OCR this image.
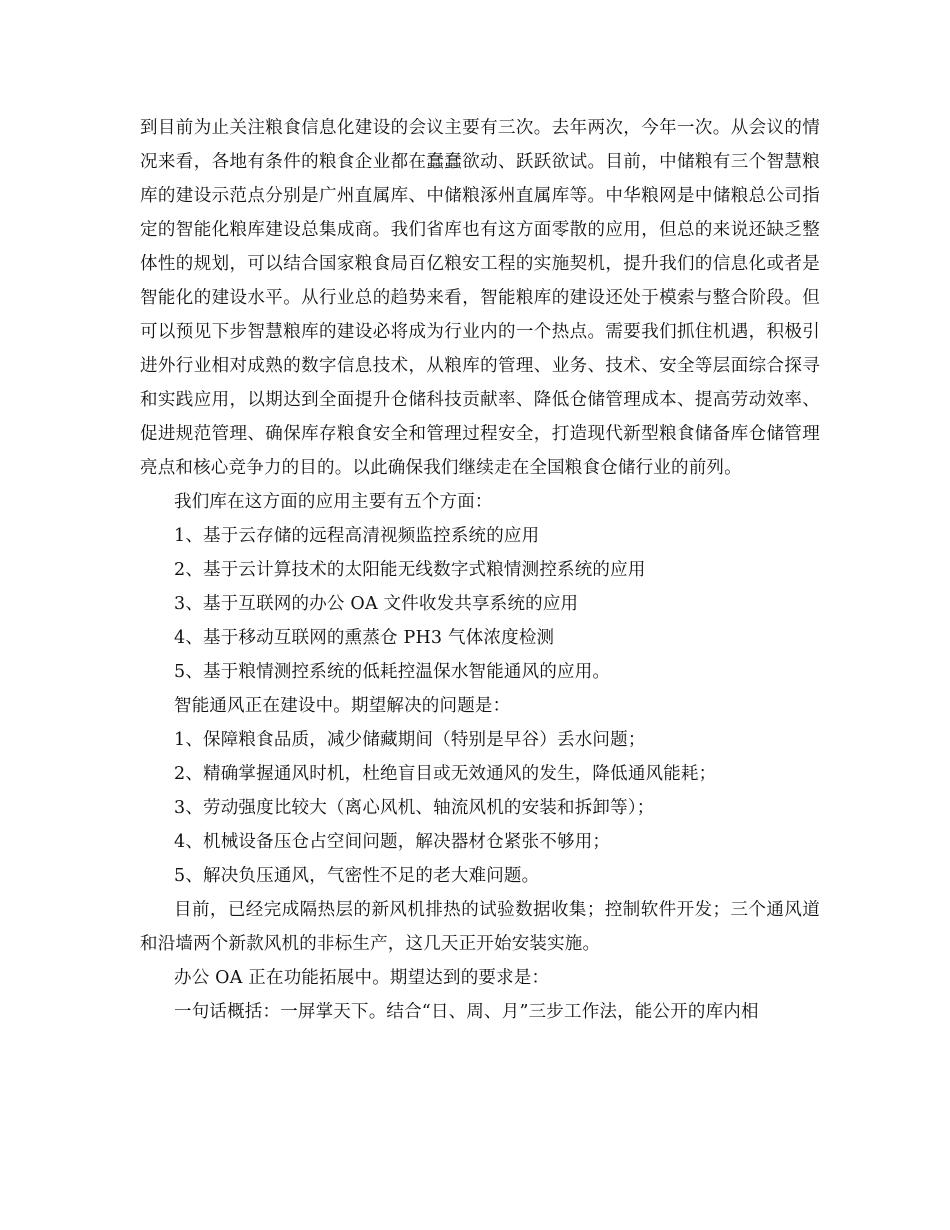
到目前为止关注粮食信息化建设的会议主要有三次。去年两次，今年一次。从会议的情况来看，各地有条件的粮食企业都在蠢蠢欲动、跃跃欲试。目前，中储粮有三个智慧粮库的建设示范点分别是广州直属库、中储粮涿州直属库等。中华粮网是中储粮总公司指定的智能化粮库建设总集成商。我们省库也有这方面零散的应用，但总的来说还缺乏整体性的规划，可以结合国家粮食局百亿粮安工程的实施契机，提升我们的信息化或者是智能化的建设水平。从行业总的趋势来看，智能粮库的建设还处于模索与整合阶段。但可以预见下步智慧粮库的建设必将成为行业内的一个热点。需要我们抓住机遇，积极引进外行业相对成熟的数字信息技术，从粮库的管理、业务、技术、安全等层面综合探寻和实践应用，以期达到全面提升仓储科技贡献率、降低仓储管理成本、提高劳动效率、促进规范管理、确保库存粮食安全和管理过程安全，打造现代新型粮食储备库仓储管理亮点和核心竞争力的目的。以此确保我们继续走在全国粮食仓储行业的前列。

我们库在这方面的应用主要有五个方面：

1、基于云存储的远程高清视频监控系统的应用

2、基于云计算技术的太阳能无线数字式粮情测控系统的应用

3、基于互联网的办公 OA 文件收发共享系统的应用

4、基于移动互联网的熏蒸仓 PH3 气体浓度检测

5、基于粮情测控系统的低耗控温保水智能通风的应用。

智能通风正在建设中。期望解决的问题是：

1、保障粮食品质，减少储藏期间（特别是早谷）丢水问题；

2、精确掌握通风时机，杜绝盲目或无效通风的发生，降低通风能耗；

3、劳动强度比较大（离心风机、轴流风机的安装和拆卸等）；

4、机械设备压仓占空间问题，解决器材仓紧张不够用；

5、解决负压通风，气密性不足的老大难问题。

目前，已经完成隔热层的新风机排热的试验数据收集；控制软件开发；三个通风道和沿墙两个新款风机的非标生产，这几天正开始安装实施。

办公 OA 正在功能拓展中。期望达到的要求是：

一句话概括：一屏掌天下。结合“日、周、月”三步工作法，能公开的库内相
